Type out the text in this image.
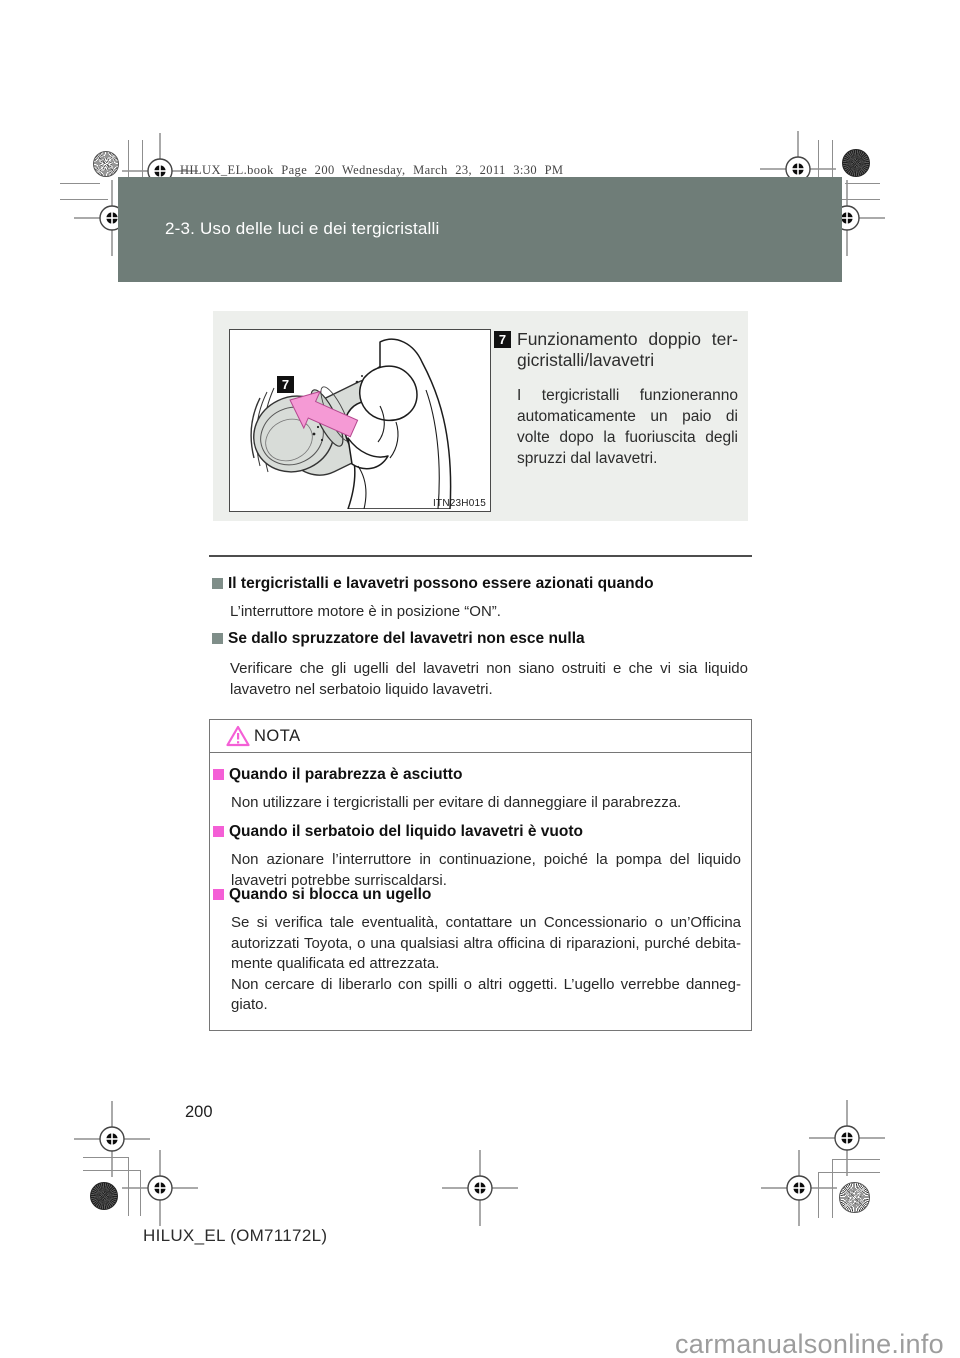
HILUX_EL.book Page 200 Wednesday, March 23, 2011 3:30 PM
2-3. Uso delle luci e dei tergicristalli
7
ITN23H015
7 Funzionamento doppio ter-
gicristalli/lavavetri
I tergicristalli funzioneranno
automaticamente un paio di
volte dopo la fuoriuscita degli
spruzzi dal lavavetri.
Il tergicristalli e lavavetri possono essere azionati quando
L’interruttore motore è in posizione “ON”.
Se dallo spruzzatore del lavavetri non esce nulla
Verificare che gli ugelli del lavavetri non siano ostruiti e che vi sia liquido
lavavetro nel serbatoio liquido lavavetri.
NOTA
Quando il parabrezza è asciutto
Non utilizzare i tergicristalli per evitare di danneggiare il parabrezza.
Quando il serbatoio del liquido lavavetri è vuoto
Non azionare l’interruttore in continuazione, poiché la pompa del liquido
lavavetri potrebbe surriscaldarsi.
Quando si blocca un ugello
Se si verifica tale eventualità, contattare un Concessionario o un’Officina
autorizzati Toyota, o una qualsiasi altra officina di riparazioni, purché debita-
mente qualificata ed attrezzata.
Non cercare di liberarlo con spilli o altri oggetti. L’ugello verrebbe danneg-
giato.
200
HILUX_EL (OM71172L)
carmanualsonline.info
